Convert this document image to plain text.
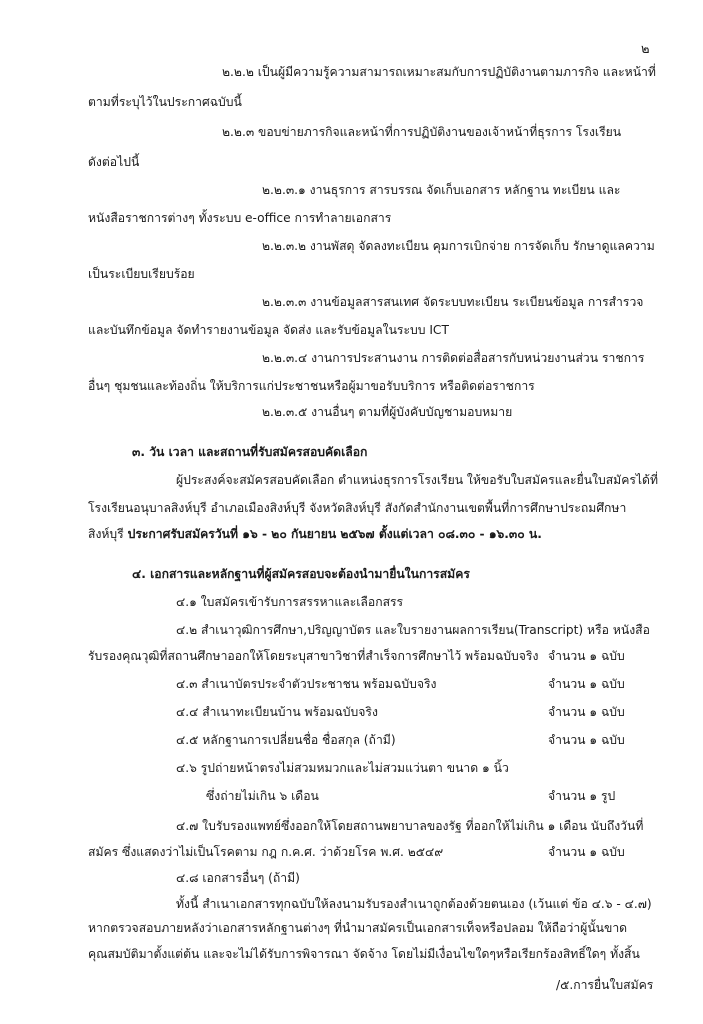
๒
๒.๒.๒ เป็นผู้มีความรู้ความสามารถเหมาะสมกับการปฏิบัติงานตามภารกิจ และหน้าที่
ตามที่ระบุไว้ในประกาศฉบับนี้
๒.๒.๓ ขอบข่ายภารกิจและหน้าที่การปฏิบัติงานของเจ้าหน้าที่ธุรการ โรงเรียน
ดังต่อไปนี้
๒.๒.๓.๑ งานธุรการ สารบรรณ จัดเก็บเอกสาร หลักฐาน ทะเบียน และ
หนังสือราชการต่างๆ ทั้งระบบ e-office การทำลายเอกสาร
๒.๒.๓.๒ งานพัสดุ จัดลงทะเบียน คุมการเบิกจ่าย การจัดเก็บ รักษาดูแลความ
เป็นระเบียบเรียบร้อย
๒.๒.๓.๓ งานข้อมูลสารสนเทศ จัดระบบทะเบียน ระเบียนข้อมูล การสำรวจ
และบันทึกข้อมูล จัดทำรายงานข้อมูล จัดส่ง และรับข้อมูลในระบบ ICT
๒.๒.๓.๔ งานการประสานงาน การติดต่อสื่อสารกับหน่วยงานส่วน ราชการ
อื่นๆ ชุมชนและท้องถิ่น ให้บริการแก่ประชาชนหรือผู้มาขอรับบริการ หรือติดต่อราชการ
๒.๒.๓.๕ งานอื่นๆ ตามที่ผู้บังคับบัญชามอบหมาย
๓. วัน เวลา และสถานที่รับสมัครสอบคัดเลือก
ผู้ประสงค์จะสมัครสอบคัดเลือก ตำแหน่งธุรการโรงเรียน ให้ขอรับใบสมัครและยื่นใบสมัครได้ที่
โรงเรียนอนุบาลสิงห์บุรี อำเภอเมืองสิงห์บุรี จังหวัดสิงห์บุรี สังกัดสำนักงานเขตพื้นที่การศึกษาประถมศึกษา
สิงห์บุรี ประกาศรับสมัครวันที่ ๑๖ - ๒๐ กันยายน ๒๕๖๗ ตั้งแต่เวลา ๐๘.๓๐ - ๑๖.๓๐ น.
๔. เอกสารและหลักฐานที่ผู้สมัครสอบจะต้องนำมายื่นในการสมัคร
๔.๑ ใบสมัครเข้ารับการสรรหาและเลือกสรร
๔.๒ สำเนาวุฒิการศึกษา,ปริญญาบัตร และใบรายงานผลการเรียน(Transcript) หรือ หนังสือ
รับรองคุณวุฒิที่สถานศึกษาออกให้โดยระบุสาขาวิชาที่สำเร็จการศึกษาไว้ พร้อมฉบับจริง จำนวน ๑ ฉบับ
๔.๓ สำเนาบัตรประจำตัวประชาชน พร้อมฉบับจริง	จำนวน ๑ ฉบับ
๔.๔ สำเนาทะเบียนบ้าน พร้อมฉบับจริง	จำนวน ๑ ฉบับ
๔.๕ หลักฐานการเปลี่ยนชื่อ ชื่อสกุล (ถ้ามี)	จำนวน ๑ ฉบับ
๔.๖ รูปถ่ายหน้าตรงไม่สวมหมวกและไม่สวมแว่นตา ขนาด ๑ นิ้ว
ซึ่งถ่ายไม่เกิน ๖ เดือน	จำนวน ๑ รูป
๔.๗ ใบรับรองแพทย์ซึ่งออกให้โดยสถานพยาบาลของรัฐ ที่ออกให้ไม่เกิน ๑ เดือน นับถึงวันที่
สมัคร ซึ่งแสดงว่าไม่เป็นโรคตาม กฎ ก.ค.ศ. ว่าด้วยโรค พ.ศ. ๒๕๔๙	จำนวน ๑ ฉบับ
๔.๘ เอกสารอื่นๆ (ถ้ามี)
ทั้งนี้ สำเนาเอกสารทุกฉบับให้ลงนามรับรองสำเนาถูกต้องด้วยตนเอง (เว้นแต่ ข้อ ๔.๖ - ๔.๗)
หากตรวจสอบภายหลังว่าเอกสารหลักฐานต่างๆ ที่นำมาสมัครเป็นเอกสารเท็จหรือปลอม ให้ถือว่าผู้นั้นขาด
คุณสมบัติมาตั้งแต่ต้น และจะไม่ได้รับการพิจารณา จัดจ้าง โดยไม่มีเงื่อนไขใดๆหรือเรียกร้องสิทธิ์ใดๆ ทั้งสิ้น
/๕.การยื่นใบสมัคร
